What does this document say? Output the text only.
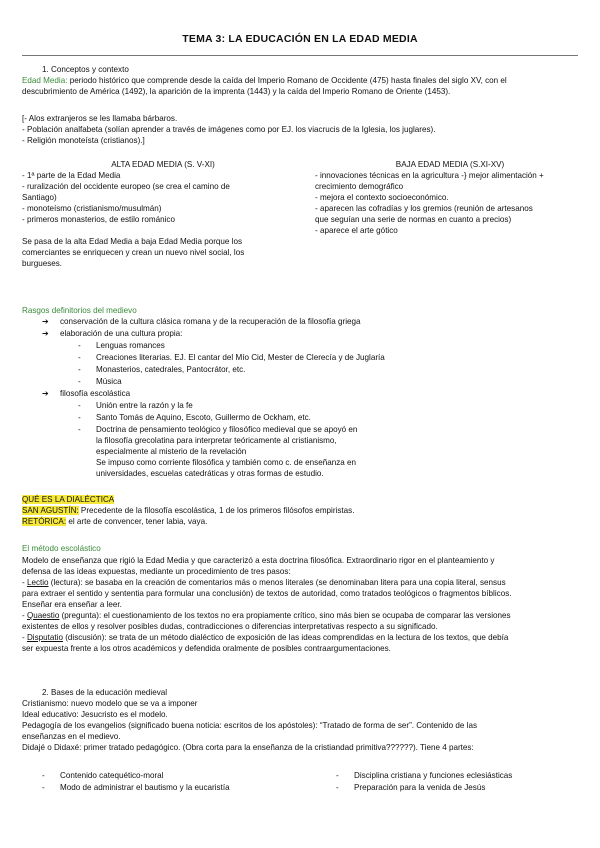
TEMA 3: LA EDUCACIÓN EN LA EDAD MEDIA
1. Conceptos y contexto

Edad Media: periodo histórico que comprende desde la caída del Imperio Romano de Occidente (475) hasta finales del siglo XV, con el

descubrimiento de América (1492), la aparición de la imprenta (1443) y la caída del Imperio Romano de Oriente (1453).

[- Alos extranjeros se les llamaba bárbaros.

- Población analfabeta (solían aprender a través de imágenes como por EJ. los viacrucis de la Iglesia, los juglares).

- Religión monoteísta (cristianos).]

ALTA EDAD MEDIA (S. V-XI)

- 1ª parte de la Edad Media

- ruralización del occidente europeo (se crea el camino de

Santiago)

- monoteísmo (cristianismo/musulmán)

- primeros monasterios, de estilo románico

Se pasa de la alta Edad Media a baja Edad Media porque los

comerciantes se enriquecen y crean un nuevo nivel social, los

burgueses.

BAJA EDAD MEDIA (S.XI-XV)

- innovaciones técnicas en la agricultura -} mejor alimentación +

crecimiento demográfico

- mejora el contexto socioeconómico.

- aparecen las cofradías y los gremios (reunión de artesanos

que seguían una serie de normas en cuanto a precios)

- aparece el arte gótico

Rasgos definitorios del medievo
➔ conservación de la cultura clásica romana y de la recuperación de la filosofía griega
➔ elaboración de una cultura propia:
- Lenguas romances
- Creaciones literarias. EJ. El cantar del Mío Cid, Mester de Clerecía y de Juglaría
- Monasterios, catedrales, Pantocrátor, etc.
- Música
➔ filosofía escolástica
- Unión entre la razón y la fe
- Santo Tomás de Aquino, Escoto, Guillermo de Ockham, etc.
- Doctrina de pensamiento teológico y filosófico medieval que se apoyó en

la filosofía grecolatina para interpretar teóricamente al cristianismo,

especialmente al misterio de la revelación

Se impuso como corriente filosófica y también como c. de enseñanza en

universidades, escuelas catedráticas y otras formas de estudio.

QUÉ ES LA DIALÉCTICA

SAN AGUSTÍN: Precedente de la filosofía escolástica, 1 de los primeros filósofos empiristas.

RETÓRICA: el arte de convencer, tener labia, vaya.

El método escolástico

Modelo de enseñanza que rigió la Edad Media y que caracterizó a esta doctrina filosófica. Extraordinario rigor en el planteamiento y

defensa de las ideas expuestas, mediante un procedimiento de tres pasos:

- Lectio (lectura): se basaba en la creación de comentarios más o menos literales (se denominaban litera para una copia literal, sensus

para extraer el sentido y sententia para formular una conclusión) de textos de autoridad, como tratados teológicos o fragmentos bíblicos.

Enseñar era enseñar a leer.

- Quaestio (pregunta): el cuestionamiento de los textos no era propiamente crítico, sino más bien se ocupaba de comparar las versiones

existentes de ellos y resolver posibles dudas, contradicciones o diferencias interpretativas respecto a su significado.

- Disputatio (discusión): se trata de un método dialéctico de exposición de las ideas comprendidas en la lectura de los textos, que debía

ser expuesta frente a los otros académicos y defendida oralmente de posibles contraargumentaciones.

2. Bases de la educación medieval

Cristianismo: nuevo modelo que se va a imponer

Ideal educativo: Jesucristo es el modelo.

Pedagogía de los evangelios (significado buena noticia: escritos de los apóstoles): “Tratado de forma de ser”. Contenido de las

enseñanzas en el medievo.

Didajé o Didaxé: primer tratado pedagógico. (Obra corta para la enseñanza de la cristiandad primitiva??????). Tiene 4 partes:

- Contenido catequético-moral
- Modo de administrar el bautismo y la eucaristía
- Disciplina cristiana y funciones eclesiásticas
- Preparación para la venida de Jesús
